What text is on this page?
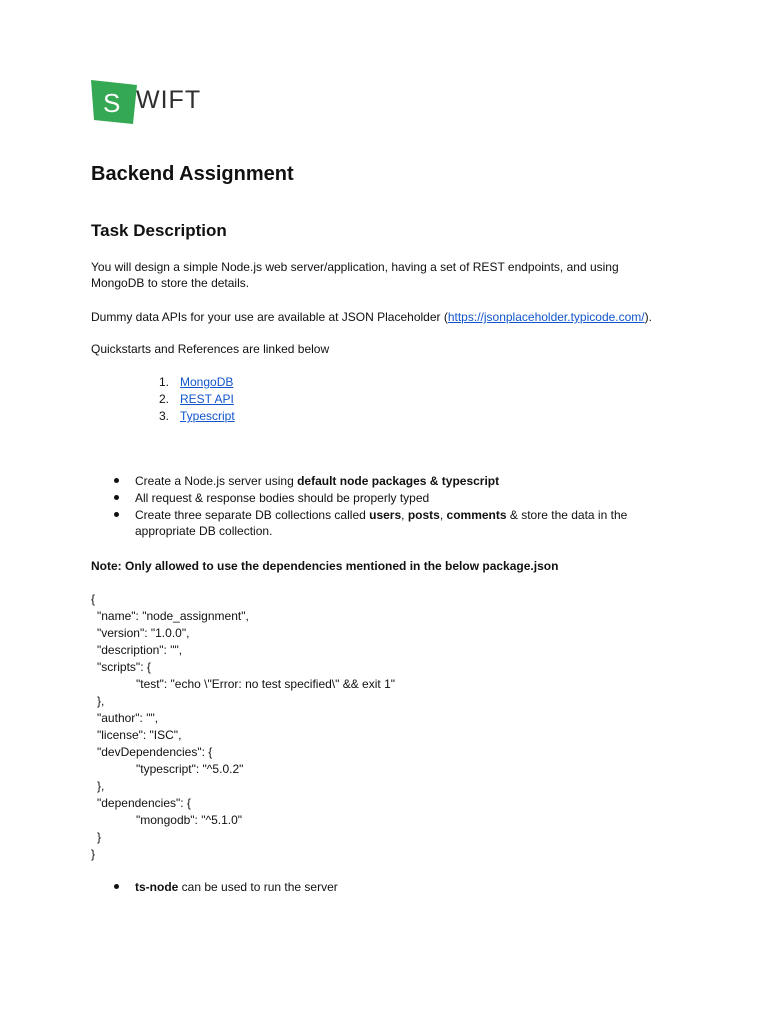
S WIFT
Backend Assignment
Task Description

You will design a simple Node.js web server/application, having a set of REST endpoints, and using
MongoDB to store the details.

Dummy data APIs for your use are available at JSON Placeholder (https://jsonplaceholder.typicode.com/).

Quickstarts and References are linked below

1. MongoDB
2. REST API
3. Typescript
Create a Node.js server using default node packages & typescript
All request & response bodies should be properly typed
Create three separate DB collections called users, posts, comments & store the data in the
appropriate DB collection.

Note: Only allowed to use the dependencies mentioned in the below package.json

{
"name": "node_assignment",
"version": "1.0.0",
"description": "",
"scripts": {
"test": "echo \"Error: no test specified\" && exit 1"
},
"author": "",
"license": "ISC",
"devDependencies": {
"typescript": "^5.0.2"
},
"dependencies": {
"mongodb": "^5.1.0"
}
}
ts-node can be used to run the server
